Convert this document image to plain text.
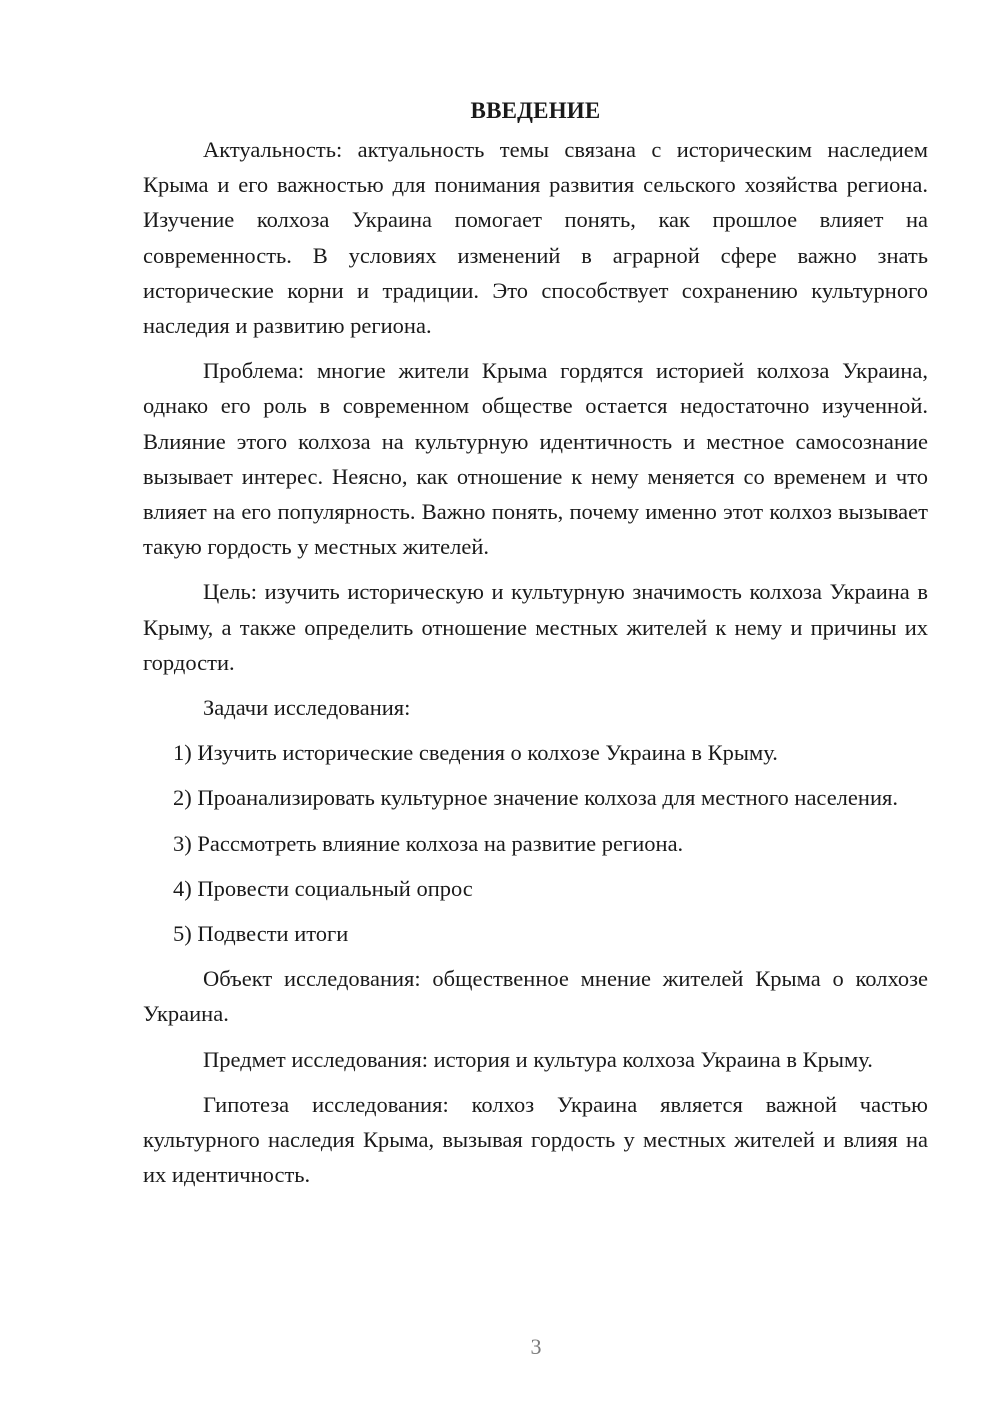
ВВЕДЕНИЕ

Актуальность: актуальность темы связана с историческим наследием Крыма и его важностью для понимания развития сельского хозяйства региона. Изучение колхоза Украина помогает понять, как прошлое влияет на современность. В условиях изменений в аграрной сфере важно знать исторические корни и традиции. Это способствует сохранению культурного наследия и развитию региона.

Проблема: многие жители Крыма гордятся историей колхоза Украина, однако его роль в современном обществе остается недостаточно изученной. Влияние этого колхоза на культурную идентичность и местное самосознание вызывает интерес. Неясно, как отношение к нему меняется со временем и что влияет на его популярность. Важно понять, почему именно этот колхоз вызывает такую гордость у местных жителей.

Цель: изучить историческую и культурную значимость колхоза Украина в Крыму, а также определить отношение местных жителей к нему и причины их гордости.

Задачи исследования:

1) Изучить исторические сведения о колхозе Украина в Крыму.

2) Проанализировать культурное значение колхоза для местного населения.

3) Рассмотреть влияние колхоза на развитие региона.

4) Провести социальный опрос

5) Подвести итоги

Объект исследования: общественное мнение жителей Крыма о колхозе Украина.

Предмет исследования: история и культура колхоза Украина в Крыму.

Гипотеза исследования: колхоз Украина является важной частью культурного наследия Крыма, вызывая гордость у местных жителей и влияя на их идентичность.

3
